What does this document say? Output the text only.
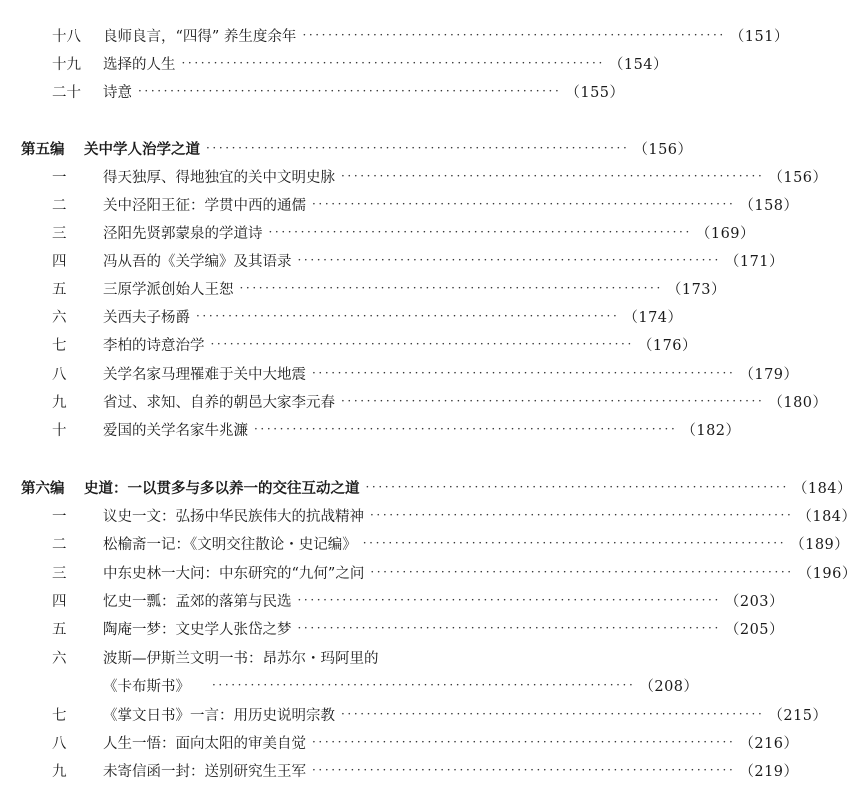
十八	良师良言，“四得” 养生度余年 ·································································· （151）
十九	选择的人生 ·································································· （154）
二十	诗意 ·································································· （155）
第五编	关中学人治学之道 ·································································· （156）
一	得天独厚、得地独宜的关中文明史脉 ·································································· （156）
二	关中泾阳王征：学贯中西的通儒 ·································································· （158）
三	泾阳先贤郭蒙泉的学道诗 ·································································· （169）
四	冯从吾的《关学编》及其语录 ·································································· （171）
五	三原学派创始人王恕 ·································································· （173）
六	关西夫子杨爵 ·································································· （174）
七	李柏的诗意治学 ·································································· （176）
八	关学名家马理罹难于关中大地震 ·································································· （179）
九	省过、求知、自养的朝邑大家李元春 ·································································· （180）
十	爱国的关学名家牛兆濂 ·································································· （182）
第六编	史道：一以贯多与多以养一的交往互动之道 ·································································· （184）
一	议史一文：弘扬中华民族伟大的抗战精神 ·································································· （184）
二	松榆斋一记：《文明交往散论・史记编》 ·································································· （189）
三	中东史林一大问：中东研究的“九何”之问 ·································································· （196）
四	忆史一瓢：孟郊的落第与民选 ·································································· （203）
五	陶庵一梦：文史学人张岱之梦 ·································································· （205）
六	波斯—伊斯兰文明一书：昂苏尔・玛阿里的
《卡布斯书》 ·································································· （208）
七	《掌文日书》一言：用历史说明宗教 ·································································· （215）
八	人生一悟：面向太阳的审美自觉 ·································································· （216）
九	未寄信函一封：送别研究生王军 ·································································· （219）
